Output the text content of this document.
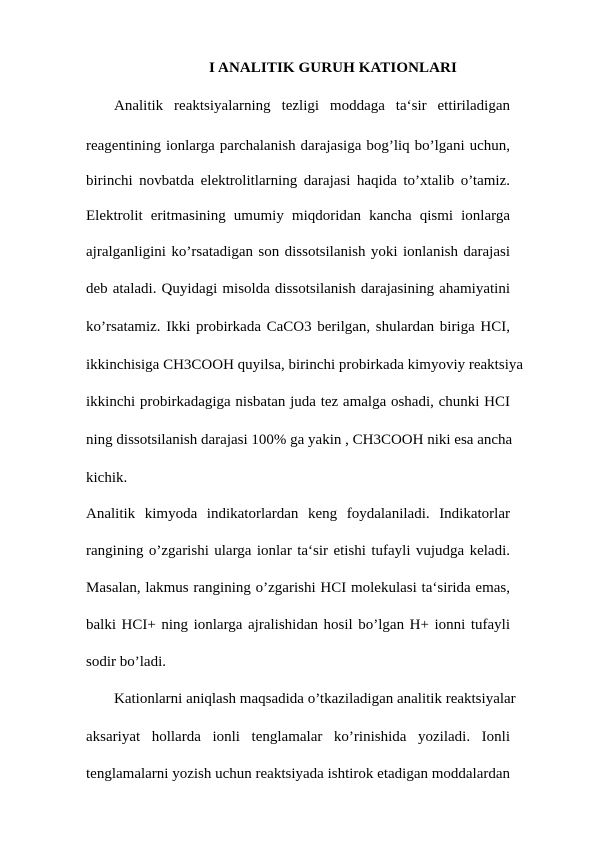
I ANALITIK GURUH KATIONLARI
Analitik reaktsiyalarning tezligi moddaga ta‘sir ettiriladigan
reagentining ionlarga parchalanish darajasiga bog’liq bo’lgani uchun,
birinchi novbatda elektrolitlarning darajasi haqida to’xtalib o’tamiz.
Elektrolit eritmasining umumiy miqdoridan kancha qismi ionlarga
ajralganligini ko’rsatadigan son dissotsilanish yoki ionlanish darajasi
deb ataladi. Quyidagi misolda dissotsilanish darajasining ahamiyatini
ko’rsatamiz. Ikki probirkada CaCO3 berilgan, shulardan biriga HCI,
ikkinchisiga CH3COOH quyilsa, birinchi probirkada kimyoviy reaktsiya
ikkinchi probirkadagiga nisbatan juda tez amalga oshadi, chunki HCI
ning dissotsilanish darajasi 100% ga yakin , CH3COOH niki esa ancha
kichik.
Analitik kimyoda indikatorlardan keng foydalaniladi. Indikatorlar
rangining o’zgarishi ularga ionlar ta‘sir etishi tufayli vujudga keladi.
Masalan, lakmus rangining o’zgarishi HCI molekulasi ta‘sirida emas,
balki HCI+ ning ionlarga ajralishidan hosil bo’lgan H+ ionni tufayli
sodir bo’ladi.
Kationlarni aniqlash maqsadida o’tkaziladigan analitik reaktsiyalar
aksariyat hollarda ionli tenglamalar ko’rinishida yoziladi. Ionli
tenglamalarni yozish uchun reaktsiyada ishtirok etadigan moddalardan
